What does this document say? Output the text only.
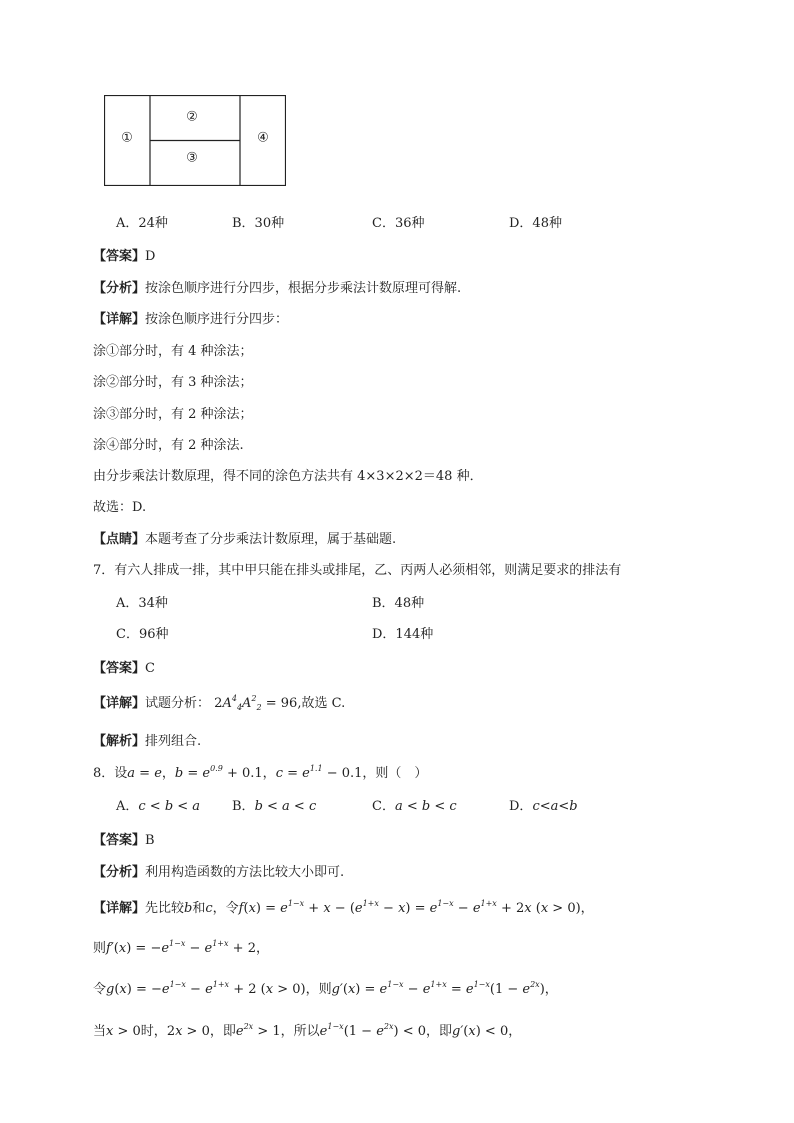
①
②
③
④
A．24种	B．30种	C．36种	D．48种
【答案】D
【分析】按涂色顺序进行分四步，根据分步乘法计数原理可得解.
【详解】按涂色顺序进行分四步：
涂①部分时，有 4 种涂法；
涂②部分时，有 3 种涂法；
涂③部分时，有 2 种涂法；
涂④部分时，有 2 种涂法.
由分步乘法计数原理，得不同的涂色方法共有 4×3×2×2＝48 种．
故选：D.
【点睛】本题考查了分步乘法计数原理，属于基础题.
7．有六人排成一排，其中甲只能在排头或排尾，乙、丙两人必须相邻，则满足要求的排法有
A．34种	B．48种
C．96种	D．144种
【答案】C
【详解】试题分析： $2A^4_4A^2_2 = 96$,故选 C.
【解析】排列组合.
8．设a = e，$b = e^{0.9} + 0.1$，$c = e^{1.1} - 0.1$，则（　）
A．c < b < a B．b < a < c	C．a < b < c	D．c<a<b
【答案】B
【分析】利用构造函数的方法比较大小即可.
【详解】先比较b和c，令$f(x) = e^{1-x} + x - (e^{1+x} - x) = e^{1-x} - e^{1+x} + 2x$ (x > 0)，
则$f'(x) = -e^{1-x} - e^{1+x} + 2$，
令$g(x) = -e^{1-x} - e^{1+x} + 2$ (x > 0)，则$g'(x) = e^{1-x} - e^{1+x} = e^{1-x}(1 - e^{2x})$，
当x > 0时，2x > 0，即$e^{2x} > 1$，所以$e^{1-x}(1 - e^{2x}) < 0$，即g′(x) < 0，
